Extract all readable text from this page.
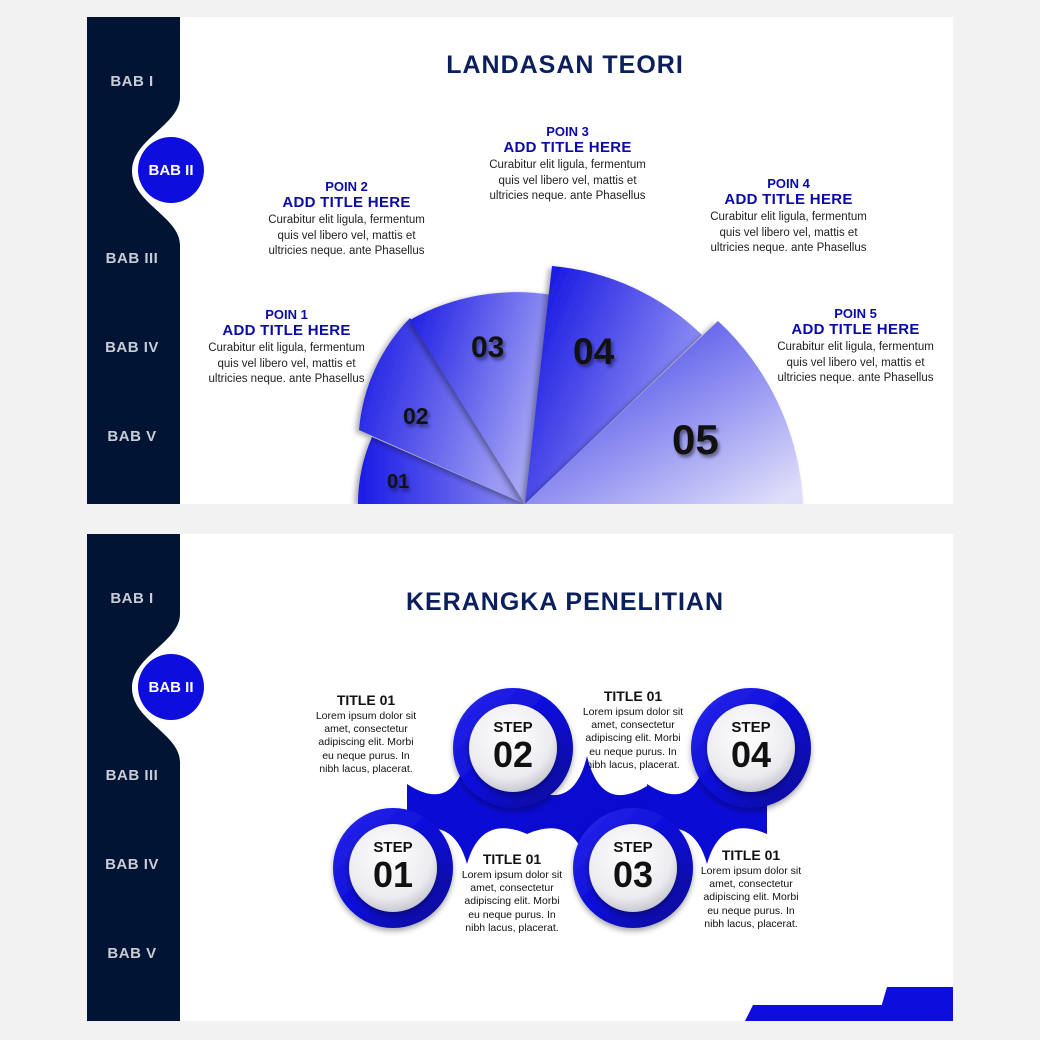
BAB I
BAB II
BAB III
BAB IV
BAB V
LANDASAN TEORI
01
02
03 04
05
POIN 1
ADD TITLE HERE
Curabitur elit ligula, fermentum
quis vel libero vel, mattis et
ultricies neque. ante Phasellus
POIN 2
ADD TITLE HERE
Curabitur elit ligula, fermentum
quis vel libero vel, mattis et
ultricies neque. ante Phasellus
POIN 3
ADD TITLE HERE
Curabitur elit ligula, fermentum
quis vel libero vel, mattis et
ultricies neque. ante Phasellus
POIN 4
ADD TITLE HERE
Curabitur elit ligula, fermentum
quis vel libero vel, mattis et
ultricies neque. ante Phasellus
POIN 5
ADD TITLE HERE
Curabitur elit ligula, fermentum
quis vel libero vel, mattis et
ultricies neque. ante Phasellus
BAB I
BAB II
BAB III
BAB IV
BAB V
KERANGKA PENELITIAN
STEP
01
STEP
02
STEP
03
STEP
04
TITLE 01
Lorem ipsum dolor sit
amet, consectetur
adipiscing elit. Morbi
eu neque purus. In
nibh lacus, placerat.
TITLE 01
Lorem ipsum dolor sit
amet, consectetur
adipiscing elit. Morbi
eu neque purus. In
nibh lacus, placerat.
TITLE 01
Lorem ipsum dolor sit
amet, consectetur
adipiscing elit. Morbi
eu neque purus. In
nibh lacus, placerat.
TITLE 01
Lorem ipsum dolor sit
amet, consectetur
adipiscing elit. Morbi
eu neque purus. In
nibh lacus, placerat.
